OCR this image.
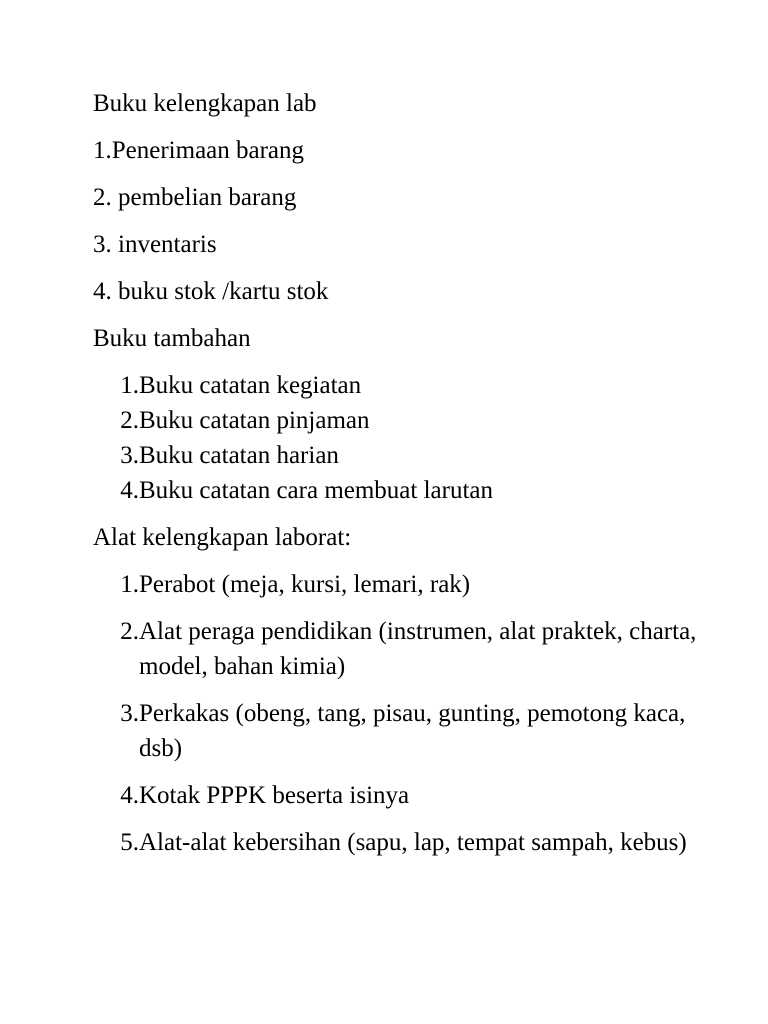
Buku kelengkapan lab

1.Penerimaan barang

2. pembelian barang

3. inventaris

4. buku stok /kartu stok

Buku tambahan

1. Buku catatan kegiatan
2. Buku catatan pinjaman
3. Buku catatan harian
4. Buku catatan cara membuat larutan

Alat kelengkapan laborat:

1. Perabot (meja, kursi, lemari, rak)
2. Alat peraga pendidikan (instrumen, alat praktek, charta, model, bahan kimia)
3. Perkakas (obeng, tang, pisau, gunting, pemotong kaca, dsb)
4. Kotak PPPK beserta isinya
5. Alat-alat kebersihan (sapu, lap, tempat sampah, kebus)
